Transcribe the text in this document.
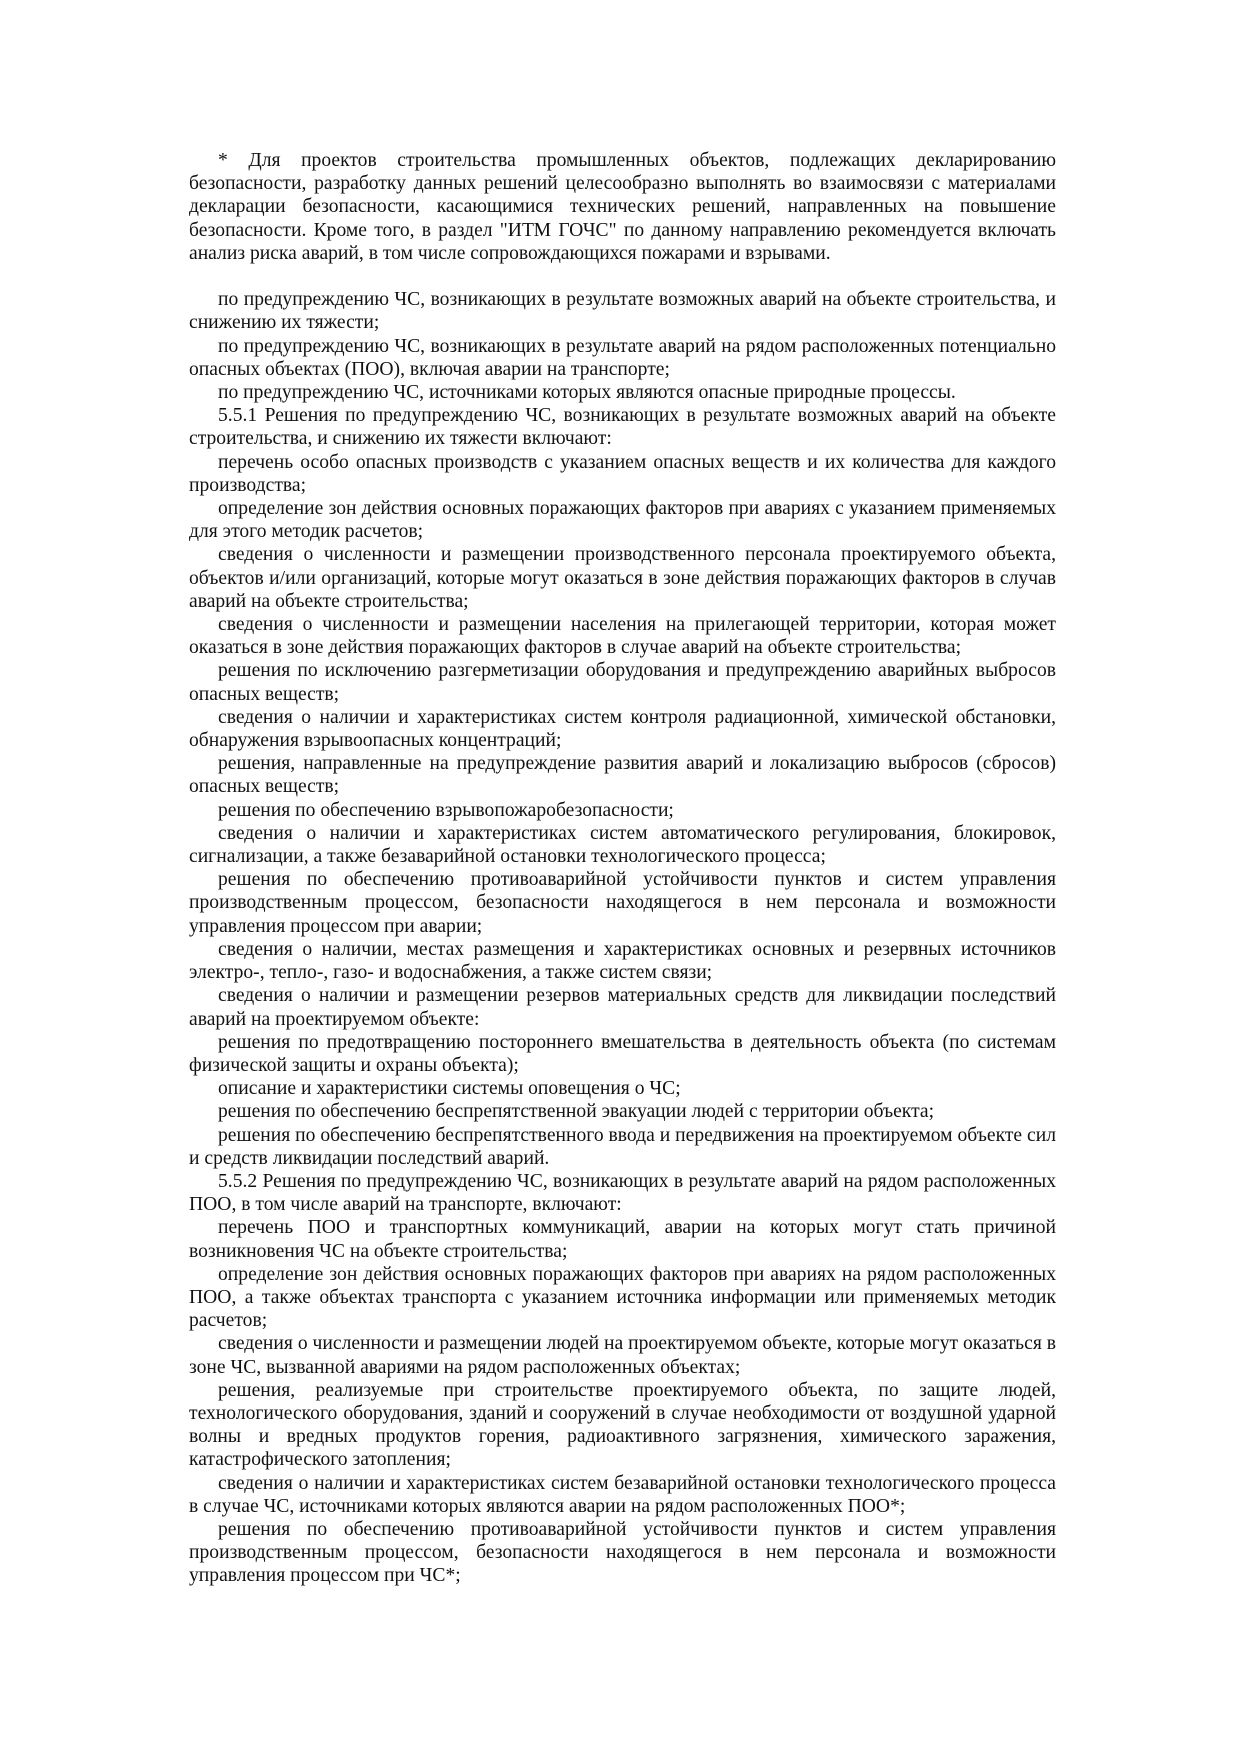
* Для проектов строительства промышленных объектов, подлежащих декларированию безопасности, разработку данных решений целесообразно выполнять во взаимосвязи с материалами декларации безопасности, касающимися технических решений, направленных на повышение безопасности. Кроме того, в раздел "ИТМ ГОЧС" по данному направлению рекомендуется включать анализ риска аварий, в том числе сопровождающихся пожарами и взрывами.

по предупреждению ЧС, возникающих в результате возможных аварий на объекте строительства, и снижению их тяжести;

по предупреждению ЧС, возникающих в результате аварий на рядом расположенных потенциально опасных объектах (ПОО), включая аварии на транспорте;

по предупреждению ЧС, источниками которых являются опасные природные процессы.

5.5.1 Решения по предупреждению ЧС, возникающих в результате возможных аварий на объекте строительства, и снижению их тяжести включают:

перечень особо опасных производств с указанием опасных веществ и их количества для каждого производства;

определение зон действия основных поражающих факторов при авариях с указанием применяемых для этого методик расчетов;

сведения о численности и размещении производственного персонала проектируемого объекта, объектов и/или организаций, которые могут оказаться в зоне действия поражающих факторов в случав аварий на объекте строительства;

сведения о численности и размещении населения на прилегающей территории, которая может оказаться в зоне действия поражающих факторов в случае аварий на объекте строительства;

решения по исключению разгерметизации оборудования и предупреждению аварийных выбросов опасных веществ;

сведения о наличии и характеристиках систем контроля радиационной, химической обстановки, обнаружения взрывоопасных концентраций;

решения, направленные на предупреждение развития аварий и локализацию выбросов (сбросов) опасных веществ;

решения по обеспечению взрывопожаробезопасности;

сведения о наличии и характеристиках систем автоматического регулирования, блокировок, сигнализации, а также безаварийной остановки технологического процесса;

решения по обеспечению противоаварийной устойчивости пунктов и систем управления производственным процессом, безопасности находящегося в нем персонала и возможности управления процессом при аварии;

сведения о наличии, местах размещения и характеристиках основных и резервных источников электро-, тепло-, газо- и водоснабжения, а также систем связи;

сведения о наличии и размещении резервов материальных средств для ликвидации последствий аварий на проектируемом объекте:

решения по предотвращению постороннего вмешательства в деятельность объекта (по системам физической защиты и охраны объекта);

описание и характеристики системы оповещения о ЧС;

решения по обеспечению беспрепятственной эвакуации людей с территории объекта;

решения по обеспечению беспрепятственного ввода и передвижения на проектируемом объекте сил и средств ликвидации последствий аварий.

5.5.2 Решения по предупреждению ЧС, возникающих в результате аварий на рядом расположенных ПОО, в том числе аварий на транспорте, включают:

перечень ПОО и транспортных коммуникаций, аварии на которых могут стать причиной возникновения ЧС на объекте строительства;

определение зон действия основных поражающих факторов при авариях на рядом расположенных ПОО, а также объектах транспорта с указанием источника информации или применяемых методик расчетов;

сведения о численности и размещении людей на проектируемом объекте, которые могут оказаться в зоне ЧС, вызванной авариями на рядом расположенных объектах;

решения, реализуемые при строительстве проектируемого объекта, по защите людей, технологического оборудования, зданий и сооружений в случае необходимости от воздушной ударной волны и вредных продуктов горения, радиоактивного загрязнения, химического заражения, катастрофического затопления;

сведения о наличии и характеристиках систем безаварийной остановки технологического процесса в случае ЧС, источниками которых являются аварии на рядом расположенных ПОО*;

решения по обеспечению противоаварийной устойчивости пунктов и систем управления производственным процессом, безопасности находящегося в нем персонала и возможности управления процессом при ЧС*;
